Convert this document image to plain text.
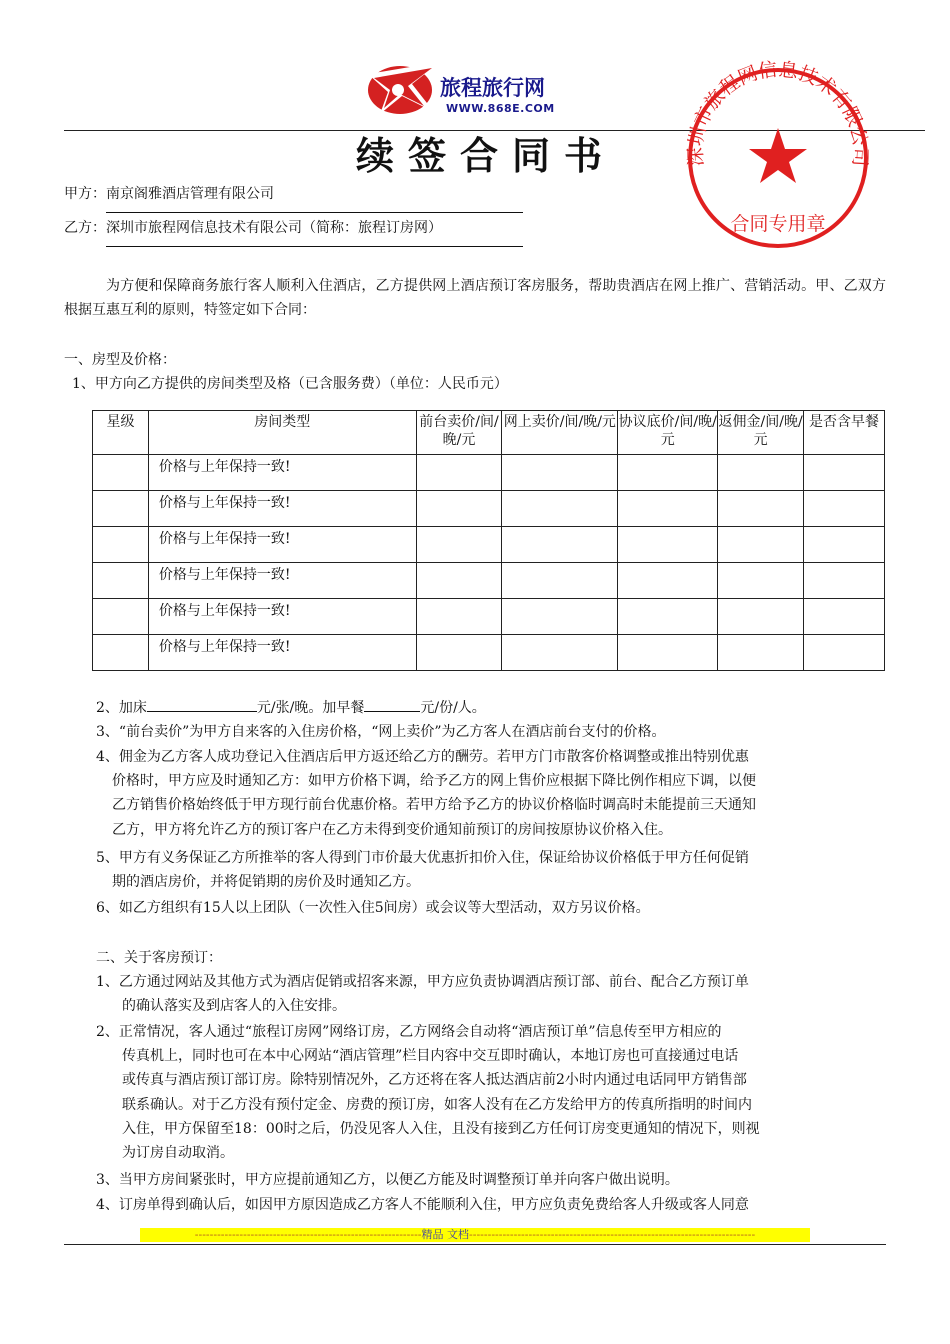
旅程旅行网
WWW.868E.COM
续签合同书	深圳市旅程网信息技术有限公司
合同专用章
甲方：南京阁雅酒店管理有限公司
乙方：深圳市旅程网信息技术有限公司（简称：旅程订房网）
为方便和保障商务旅行客人顺利入住酒店，乙方提供网上酒店预订客房服务，帮助贵酒店在网上推广、营销活动。甲、乙双方根据互惠互利的原则，特签定如下合同：
一、房型及价格：
1、甲方向乙方提供的房间类型及格（已含服务费）（单位：人民币元）
星级	房间类型	前台卖价/间/晚/元	网上卖价/间/晚/元	协议底价/间/晚/元	返佣金/间/晚/元	是否含早餐
	价格与上年保持一致!					
	价格与上年保持一致!					
	价格与上年保持一致!					
	价格与上年保持一致!					
	价格与上年保持一致!					
	价格与上年保持一致!					
2、加床	元/张/晚。加早餐	元/份/人。
3、“前台卖价”为甲方自来客的入住房价格，“网上卖价”为乙方客人在酒店前台支付的价格。
4、佣金为乙方客人成功登记入住酒店后甲方返还给乙方的酬劳。若甲方门市散客价格调整或推出特别优惠
价格时，甲方应及时通知乙方：如甲方价格下调，给予乙方的网上售价应根据下降比例作相应下调，以便
乙方销售价格始终低于甲方现行前台优惠价格。若甲方给予乙方的协议价格临时调高时未能提前三天通知
乙方，甲方将允许乙方的预订客户在乙方未得到变价通知前预订的房间按原协议价格入住。
5、甲方有义务保证乙方所推举的客人得到门市价最大优惠折扣价入住，保证给协议价格低于甲方任何促销
期的酒店房价，并将促销期的房价及时通知乙方。
6、如乙方组织有15人以上团队（一次性入住5间房）或会议等大型活动，双方另议价格。
二、关于客房预订：
1、乙方通过网站及其他方式为酒店促销或招客来源，甲方应负责协调酒店预订部、前台、配合乙方预订单
的确认落实及到店客人的入住安排。
2、正常情况，客人通过“旅程订房网”网络订房，乙方网络会自动将“酒店预订单”信息传至甲方相应的
传真机上，同时也可在本中心网站“酒店管理”栏目内容中交互即时确认，本地订房也可直接通过电话
或传真与酒店预订部订房。除特别情况外，乙方还将在客人抵达酒店前2小时内通过电话同甲方销售部
联系确认。对于乙方没有预付定金、房费的预订房，如客人没有在乙方发给甲方的传真所指明的时间内
入住，甲方保留至18：00时之后，仍没见客人入住，且没有接到乙方任何订房变更通知的情况下，则视
为订房自动取消。
3、当甲方房间紧张时，甲方应提前通知乙方，以便乙方能及时调整预订单并向客户做出说明。
4、订房单得到确认后，如因甲方原因造成乙方客人不能顺利入住，甲方应负责免费给客人升级或客人同意
-------------------------------------------------------------精品 文档-----------------------------------------------------------------------------
